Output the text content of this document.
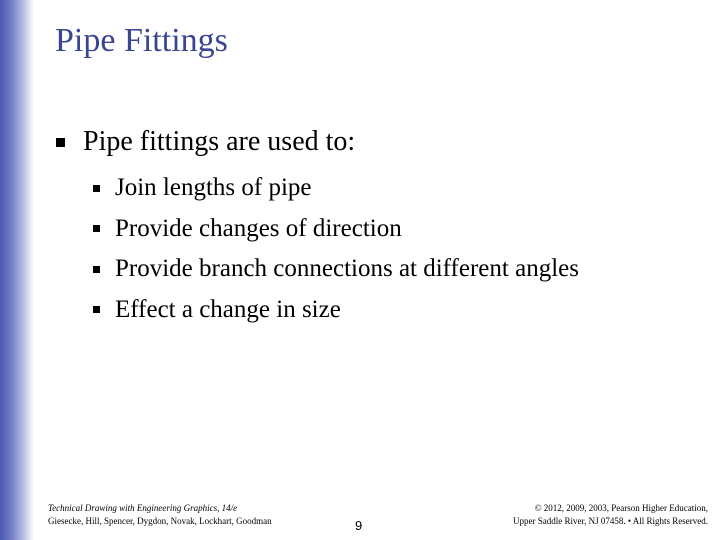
Pipe Fittings
Pipe fittings are used to:
Join lengths of pipe
Provide changes of direction
Provide branch connections at different angles
Effect a change in size
Technical Drawing with Engineering Graphics, 14/e
Giesecke, Hill, Spencer, Dygdon, Novak, Lockhart, Goodman	9
© 2012, 2009, 2003, Pearson Higher Education,
Upper Saddle River, NJ 07458. • All Rights Reserved.
